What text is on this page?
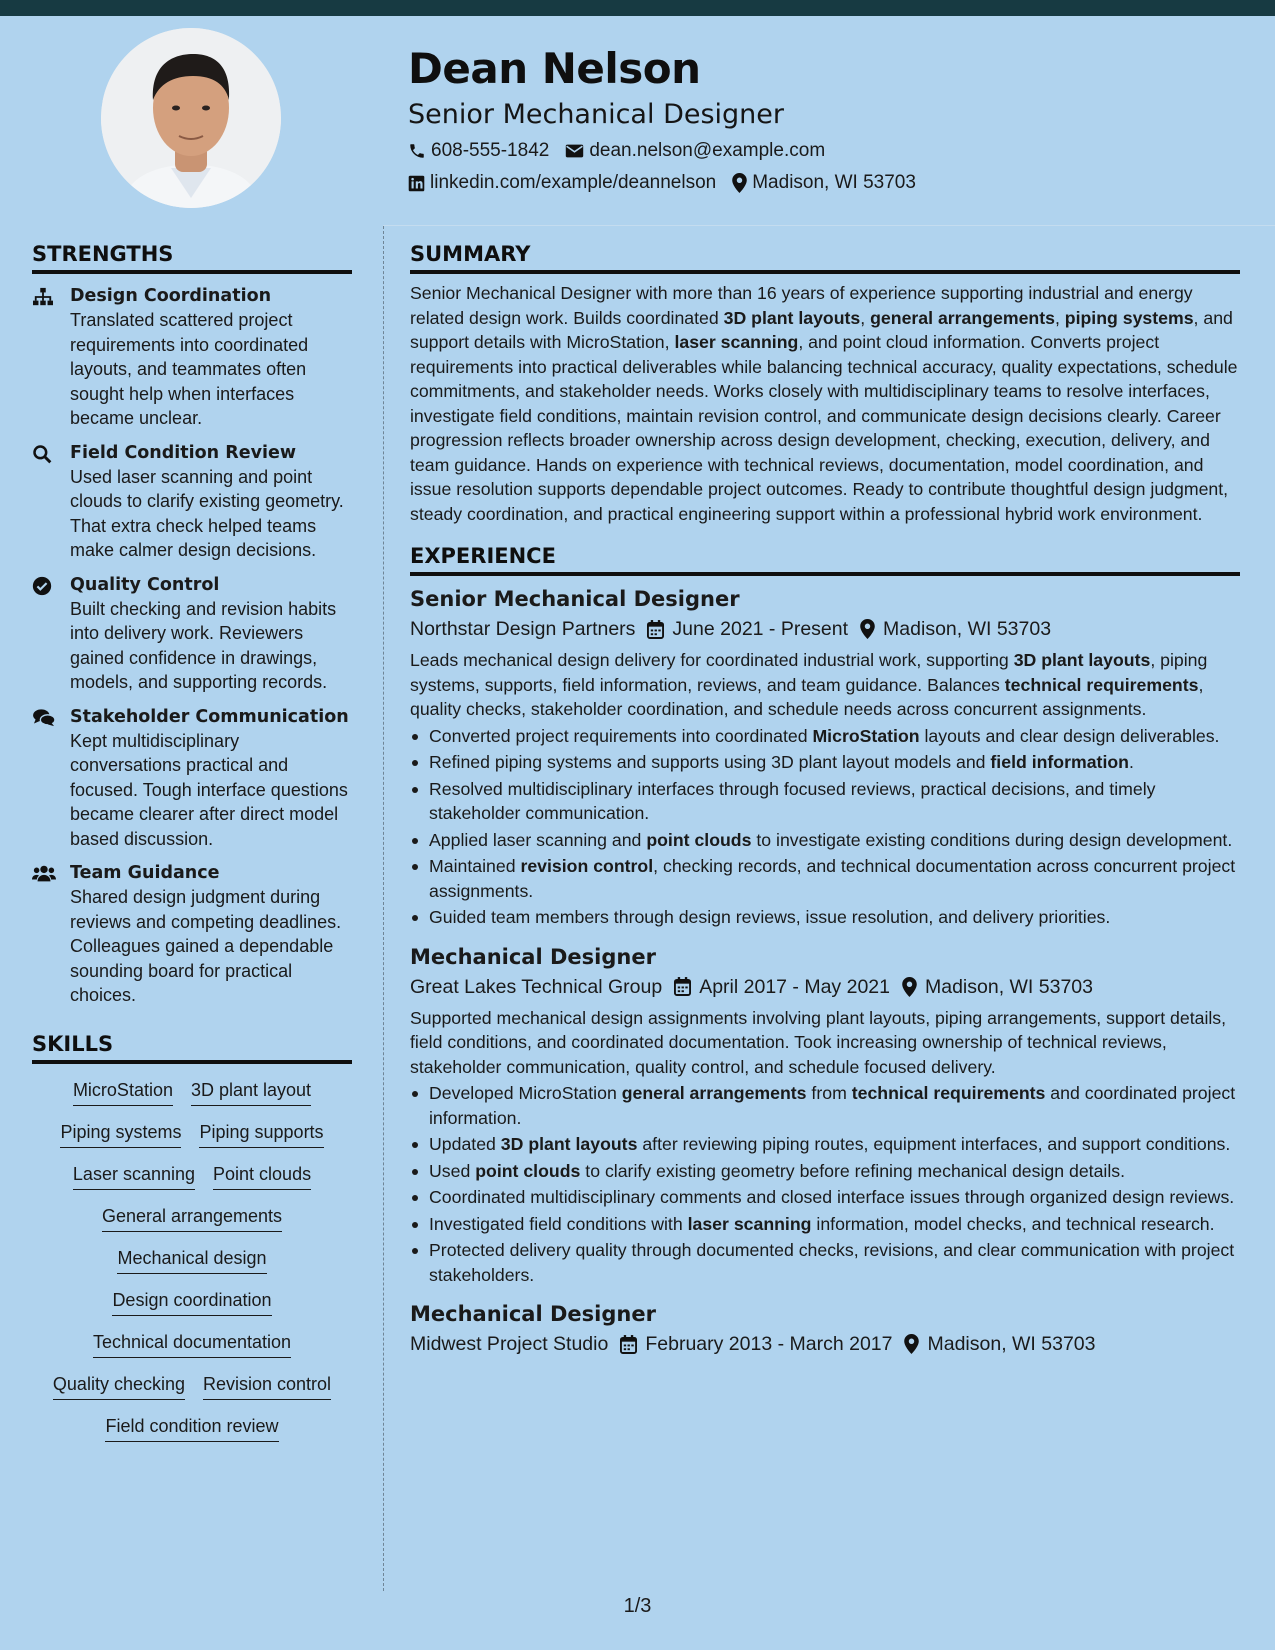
Dean Nelson
Senior Mechanical Designer
608-555-1842 dean.nelson@example.com
linkedin.com/example/deannelson Madison, WI 53703
STRENGTHS
Design Coordination
Translated scattered project requirements into coordinated layouts, and teammates often sought help when interfaces became unclear.
Field Condition Review
Used laser scanning and point clouds to clarify existing geometry. That extra check helped teams make calmer design decisions.
Quality Control
Built checking and revision habits into delivery work. Reviewers gained confidence in drawings, models, and supporting records.
Stakeholder Communication
Kept multidisciplinary conversations practical and focused. Tough interface questions became clearer after direct model based discussion.
Team Guidance
Shared design judgment during reviews and competing deadlines. Colleagues gained a dependable sounding board for practical choices.
SKILLS
MicroStation 3D plant layout
Piping systems Piping supports
Laser scanning Point clouds
General arrangements
Mechanical design
Design coordination
Technical documentation
Quality checking Revision control
Field condition review
SUMMARY
Senior Mechanical Designer with more than 16 years of experience supporting industrial and energy related design work. Builds coordinated 3D plant layouts, general arrangements, piping systems, and support details with MicroStation, laser scanning, and point cloud information. Converts project requirements into practical deliverables while balancing technical accuracy, quality expectations, schedule commitments, and stakeholder needs. Works closely with multidisciplinary teams to resolve interfaces, investigate field conditions, maintain revision control, and communicate design decisions clearly. Career progression reflects broader ownership across design development, checking, execution, delivery, and team guidance. Hands on experience with technical reviews, documentation, model coordination, and issue resolution supports dependable project outcomes. Ready to contribute thoughtful design judgment, steady coordination, and practical engineering support within a professional hybrid work environment.
EXPERIENCE
Senior Mechanical Designer
Northstar Design Partners June 2021 - Present Madison, WI 53703
Leads mechanical design delivery for coordinated industrial work, supporting 3D plant layouts, piping systems, supports, field information, reviews, and team guidance. Balances technical requirements, quality checks, stakeholder coordination, and schedule needs across concurrent assignments.
Converted project requirements into coordinated MicroStation layouts and clear design deliverables.
Refined piping systems and supports using 3D plant layout models and field information.
Resolved multidisciplinary interfaces through focused reviews, practical decisions, and timely stakeholder communication.
Applied laser scanning and point clouds to investigate existing conditions during design development.
Maintained revision control, checking records, and technical documentation across concurrent project assignments.
Guided team members through design reviews, issue resolution, and delivery priorities.
Mechanical Designer
Great Lakes Technical Group April 2017 - May 2021 Madison, WI 53703
Supported mechanical design assignments involving plant layouts, piping arrangements, support details, field conditions, and coordinated documentation. Took increasing ownership of technical reviews, stakeholder communication, quality control, and schedule focused delivery.
Developed MicroStation general arrangements from technical requirements and coordinated project information.
Updated 3D plant layouts after reviewing piping routes, equipment interfaces, and support conditions.
Used point clouds to clarify existing geometry before refining mechanical design details.
Coordinated multidisciplinary comments and closed interface issues through organized design reviews.
Investigated field conditions with laser scanning information, model checks, and technical research.
Protected delivery quality through documented checks, revisions, and clear communication with project stakeholders.
Mechanical Designer
Midwest Project Studio February 2013 - March 2017 Madison, WI 53703
1/3
